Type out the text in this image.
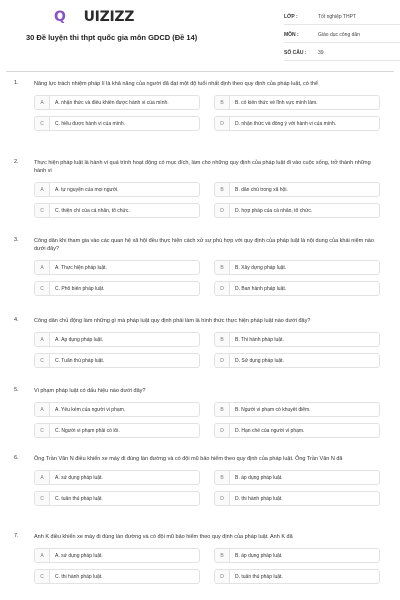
Q UIZIZZ
30 Đề luyện thi thpt quốc gia môn GDCD (Đề 14)
LỚP :	Tốt nghiệp THPT
MÔN :	Giáo dục công dân
SỐ CÂU :	39
1.	Năng lực trách nhiệm pháp lí là khả năng của người đã đạt một độ tuổi nhất định theo quy định của pháp luật, có thể
A	A. nhận thức và điều khiển được hành vi của mình.	B	B. có kiến thức về lĩnh vực mình làm.
C	C. hiểu được hành vi của mình.	D	D. nhận thức và đồng ý với hành vi của mình.
2.	Thực hiện pháp luật là hành vi quá trình hoạt động có mục đích, làm cho những quy định của pháp luật đi vào cuộc sống, trở thành những hành vi
A	A. tự nguyện của mọi người.	B	B. dân chủ trong xã hội.
C	C. thiện chí của cá nhân, tổ chức.	D	D. hợp pháp của cá nhân, tổ chức.
3.	Công dân khi tham gia vào các quan hệ xã hội đều thực hiện cách xử sự phù hợp với quy định của pháp luật là nội dung của khái niệm nào dưới đây?
A	A. Thực hiện pháp luật.	B	B. Xây dựng pháp luật.
C	C. Phổ biến pháp luật.	D	D. Ban hành pháp luật.
4.	Công dân chủ động làm những gì mà pháp luật quy định phải làm là hình thức thực hiện pháp luật nào dưới đây?
A	A. Áp dụng pháp luật.	B	B. Thi hành pháp luật.
C	C. Tuân thủ pháp luật.	D	D. Sử dụng pháp luật.
5.	Vi phạm pháp luật có dấu hiệu nào dưới đây?
A	A. Yếu kém của người vi phạm.	B	B. Người vi phạm có khuyết điểm.
C	C. Người vi phạm phải có lỗi.	D	D. Hạn chế của người vi phạm.
6.	Ông Trần Văn N điều khiển xe máy đi đúng làn đường và có đội mũ bảo hiểm theo quy định của pháp luật. Ông Trần Văn N đã
A	A. sử dụng pháp luật.	B	B. áp dụng pháp luật.
C	C. tuân thủ pháp luật.	D	D. thi hành pháp luật.
7.	Anh K điều khiển xe máy đi đúng làn đường và có đội mũ bảo hiểm theo quy định của pháp luật. Anh K đã
A	A. sử dụng pháp luật.	B	B. áp dụng pháp luật.
C	C. thi hành pháp luật.	D	D. tuân thủ pháp luật.
